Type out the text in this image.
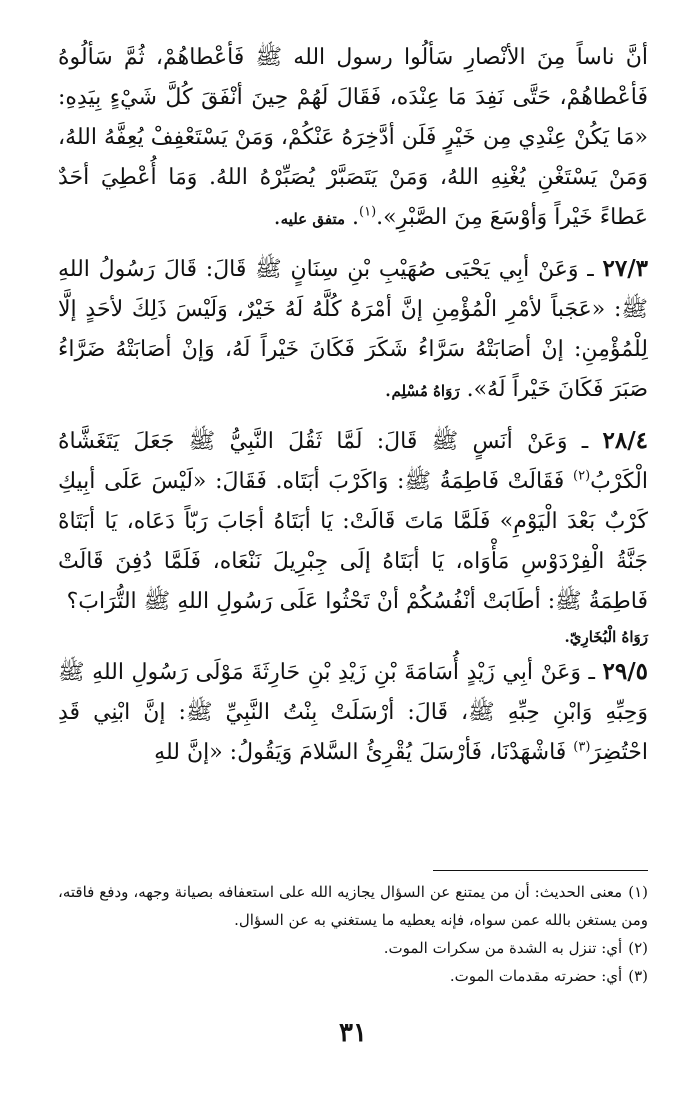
أنَّ ناساً مِنَ الأنْصارِ سَألُوا رسول الله ﷺ فَأعْطاهُمْ، ثُمَّ سَألُوهُ فَأعْطاهُمْ، حَتَّى نَفِدَ مَا عِنْدَه، فَقَالَ لَهُمْ حِينَ أنْفَقَ كُلَّ شَيْءٍ بِيَدِهِ: «مَا يَكُنْ عِنْدِي مِن خَيْرٍ فَلَن أدَّخِرَهُ عَنْكُمْ، وَمَنْ يَسْتَعْفِفْ يُعِفَّهُ اللهُ، وَمَنْ يَسْتَغْنِ يُغْنِهِ اللهُ، وَمَنْ يَتَصَبَّرْ يُصَبِّرْهُ اللهُ. وَمَا أُعْطِيَ أحَدٌ عَطاءً خَيْراً وَأوْسَعَ مِنَ الصَّبْرِ».$^{(١)}$. متفق عليه.

٢٧/٣ ـ وَعَنْ أبِي يَحْيَى صُهَيْبِ بْنِ سِنَانٍ ﷺ قَالَ: قَالَ رَسُولُ اللهِ ﷺ: «عَجَباً لأمْرِ الْمُؤْمِنِ إنَّ أمْرَهُ كُلَّهُ لَهُ خَيْرٌ، وَلَيْسَ ذَلِكَ لأحَدٍ إلَّا لِلْمُؤْمِنِ: إنْ أصَابَتْهُ سَرَّاءُ شَكَرَ فَكَانَ خَيْراً لَهُ، وَإنْ أصَابَتْهُ ضَرَّاءُ صَبَرَ فَكَانَ خَيْراً لَهُ». رَوَاهُ مُسْلِم.

٢٨/٤ ـ وَعَنْ أنَسٍ ﷺ قَالَ: لَمَّا ثَقُلَ النَّبِيُّ ﷺ جَعَلَ يَتَغَشَّاهُ الْكَرْبُ$^{(٢)}$ فَقَالَتْ فَاطِمَةُ ﷺ: وَاكَرْبَ أبَتَاه. فَقَالَ: «لَيْسَ عَلَى أبِيكِ كَرْبٌ بَعْدَ الْيَوْمِ» فَلَمَّا مَاتَ قَالَتْ: يَا أبَتَاهُ أجَابَ رَبّاً دَعَاه، يَا أبَتَاهْ جَنَّةُ الْفِرْدَوْسِ مَأْوَاه، يَا أبَتَاهُ إلَى جِبْرِيلَ نَنْعَاه، فَلَمَّا دُفِنَ قَالَتْ فَاطِمَةُ ﷺ: أطَابَتْ أنْفُسُكُمْ أنْ تَحْثُوا عَلَى رَسُولِ اللهِ ﷺ التُّرَابَ؟

رَوَاهُ الْبُخَارِيّ.

٢٩/٥ ـ وَعَنْ أبِي زَيْدٍ أُسَامَةَ بْنِ زَيْدِ بْنِ حَارِثَةَ مَوْلَى رَسُولِ اللهِ ﷺ وَحِبِّهِ وَابْنِ حِبِّهِ ﷺ، قَالَ: أرْسَلَتْ بِنْتُ النَّبِيِّ ﷺ: إنَّ ابْنِي قَدِ احْتُضِرَ$^{(٣)}$ فَاشْهَدْنَا، فَأرْسَلَ يُقْرِئُ السَّلامَ وَيَقُولُ: «إنَّ للهِ

(١)معنى الحديث: أن من يمتنع عن السؤال يجازيه الله على استعفافه بصيانة وجهه، ودفع فاقته، ومن يستغن بالله عمن سواه، فإنه يعطيه ما يستغني به عن السؤال.

(٢)أي: تنزل به الشدة من سكرات الموت.

(٣)أي: حضرته مقدمات الموت.

٣١
